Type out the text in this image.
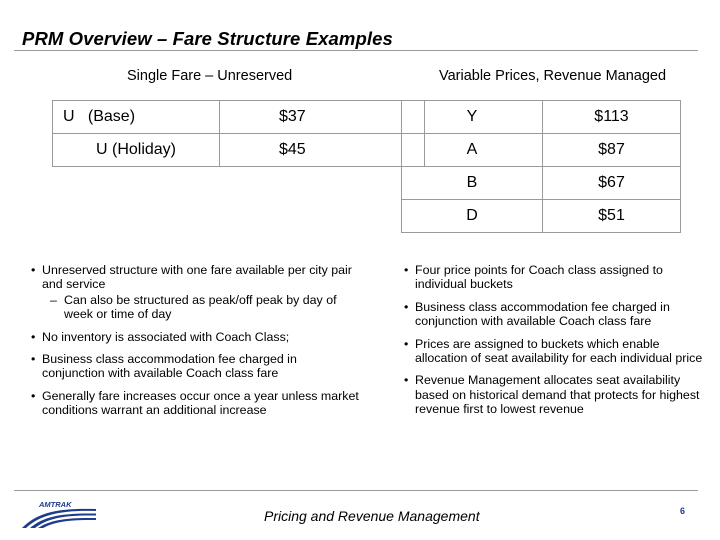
PRM Overview – Fare Structure Examples
Single Fare – Unreserved	Variable Prices, Revenue Managed
U   (Base)	$37
U (Holiday)	$45
Y	$113
A	$87
B	$67
D	$51
• Unreserved structure with one fare available per city pair and service
– Can also be structured as peak/off peak by day of week or time of day
• No inventory is associated with Coach Class;
• Business class accommodation fee charged in conjunction with available Coach class fare
• Generally fare increases occur once a year unless market conditions warrant an additional increase
• Four price points for Coach class assigned to individual buckets
• Business class accommodation fee charged in conjunction with available Coach class fare
• Prices are assigned to buckets which enable allocation of seat availability for each individual price
• Revenue Management allocates seat availability based on historical demand that protects for highest revenue first to lowest revenue
AMTRAK
Pricing and Revenue Management	6
